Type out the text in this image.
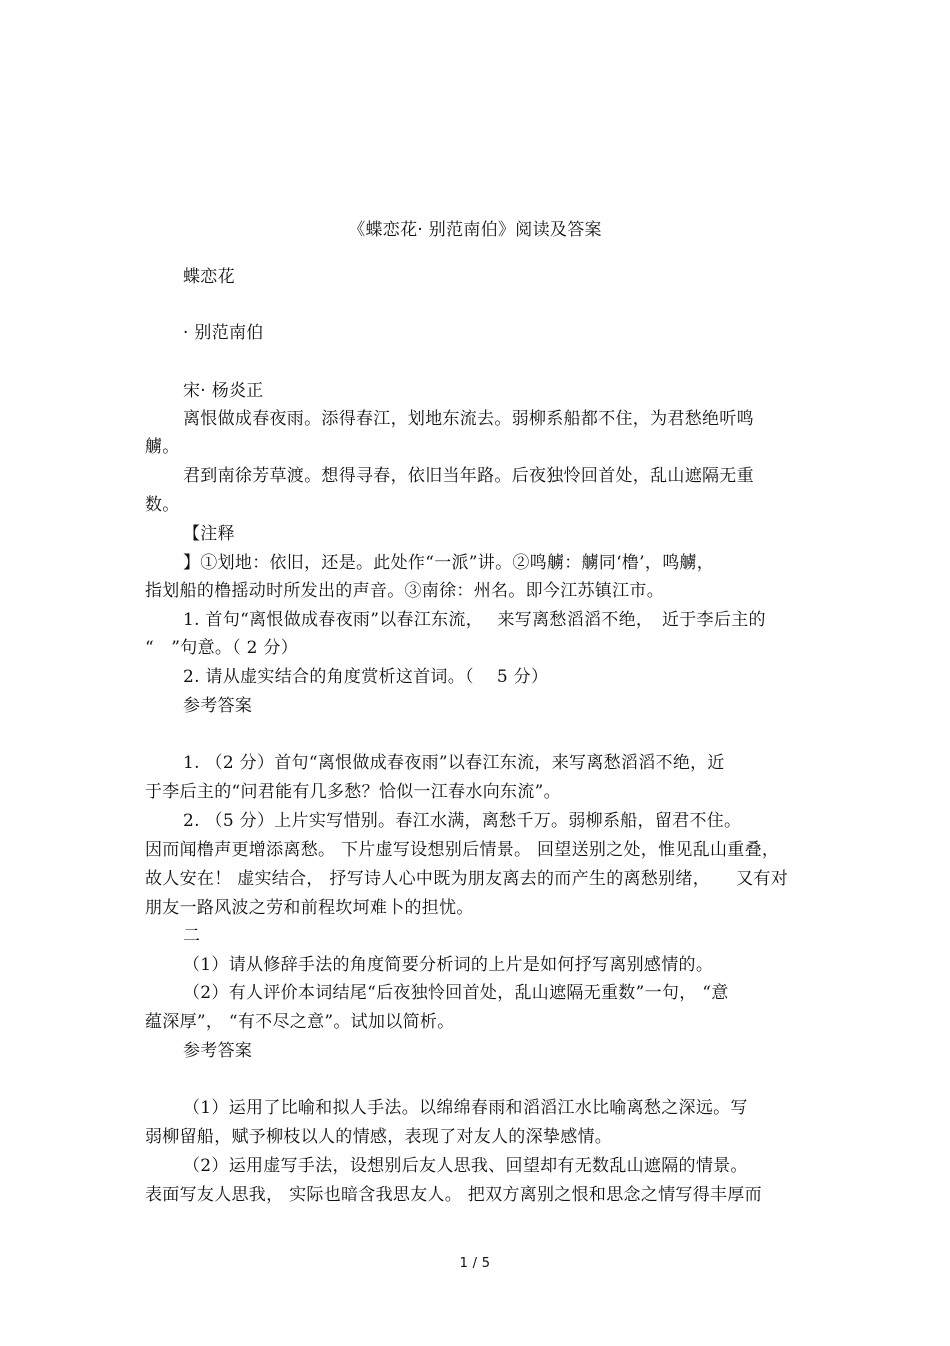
《蝶恋花· 别范南伯》阅读及答案
蝶恋花
· 别范南伯
宋· 杨炎正
离恨做成春夜雨。添得春江，划地东流去。弱柳系船都不住，为君愁绝听鸣
艣。
君到南徐芳草渡。想得寻春，依旧当年路。后夜独怜回首处，乱山遮隔无重
数。
【注释
】①划地：依旧，还是。此处作“一派”讲。②鸣艣：艣同‘橹’，鸣艣，
指划船的橹摇动时所发出的声音。③南徐：州名。即今江苏镇江市。
1. 首句“离恨做成春夜雨”以春江东流，　 来写离愁滔滔不绝，　近于李后主的
“　”句意。（ 2 分）
2. 请从虚实结合的角度赏析这首词。（　 5 分）
参考答案
1. （2 分）首句“离恨做成春夜雨”以春江东流，来写离愁滔滔不绝，近
于李后主的“问君能有几多愁？恰似一江春水向东流”。
2. （5 分）上片实写惜别。春江水满，离愁千万。弱柳系船，留君不住。
因而闻橹声更增添离愁。 下片虚写设想别后情景。 回望送别之处，惟见乱山重叠，
故人安在！ 虚实结合， 抒写诗人心中既为朋友离去的而产生的离愁别绪，　　又有对
朋友一路风波之劳和前程坎坷难卜的担忧。
二
（1）请从修辞手法的角度简要分析词的上片是如何抒写离别感情的。
（2）有人评价本词结尾“后夜独怜回首处，乱山遮隔无重数”一句， “意
蕴深厚”， “有不尽之意”。试加以简析。
参考答案
（1）运用了比喻和拟人手法。以绵绵春雨和滔滔江水比喻离愁之深远。写
弱柳留船，赋予柳枝以人的情感，表现了对友人的深挚感情。
（2）运用虚写手法，设想别后友人思我、回望却有无数乱山遮隔的情景。
表面写友人思我， 实际也暗含我思友人。 把双方离别之恨和思念之情写得丰厚而
1 / 5
